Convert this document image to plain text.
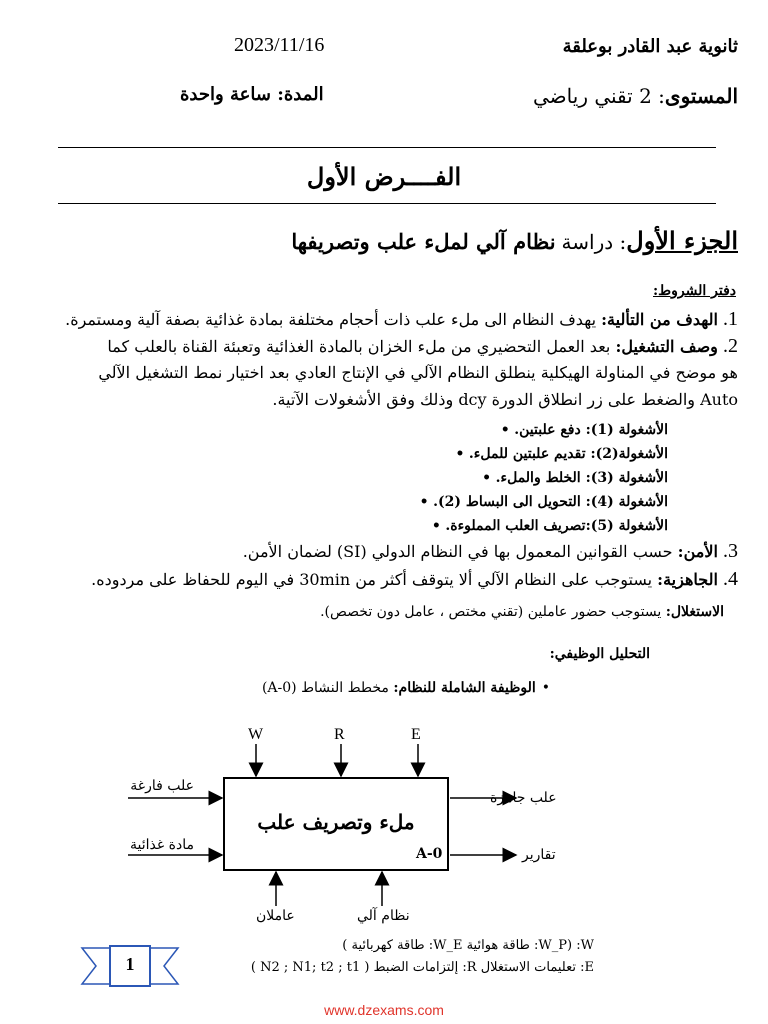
ثانوية عبد القادر بوعلقة
2023/11/16
المستوى: 2 تقني رياضي
المدة: ساعة واحدة
الفــــرض الأول
الجزء الأول: دراسةنظام آلي لملء علب وتصريفها
دفتر الشروط:
1. الهدف من التألية: يهدف النظام الى ملء علب ذات أحجام مختلفة بمادة غذائية بصفة آلية ومستمرة.
2. وصف التشغيل: بعد العمل التحضيري من ملء الخزان بالمادة الغذائية وتعبئة القناة بالعلب كما
هو موضح في المناولة الهيكلية ينطلق النظام الآلي في الإنتاج العادي بعد اختيار نمط التشغيل الآلي
Auto والضغط على زر انطلاق الدورة dcy وذلك وفق الأشغولات الآتية.
الأشغولة (1): دفع علبتين. •
الأشغولة(2): تقديم علبتين للملء. •
الأشغولة (3): الخلط والملء. •
الأشغولة (4): التحويل الى البساط (2). •
الأشغولة (5):تصريف العلب المملوءة. •
3. الأمن: حسب القوانين المعمول بها في النظام الدولي (SI) لضمان الأمن.
4. الجاهزية: يستوجب على النظام الآلي ألا يتوقف أكثر من 30min في اليوم للحفاظ على مردوده.
الاستغلال: يستوجب حضور عاملين (تقني مختص ، عامل دون تخصص).
التحليل الوظيفي:
•الوظيفة الشاملة للنظام: مخطط النشاط (A-0)
W	R	E
علب فارغة
مادة غذائية
علب جاهزة
تقارير
ملء وتصريف علب
A-0
عاملان	نظام آلي
W: (W_P: طاقة هوائية W_E: طاقة كهربائية )
E: تعليمات الاستغلال R: إلتزامات الضبط ( N2 ; N1; t2 ; t1 )
1
www.dzexams.com
